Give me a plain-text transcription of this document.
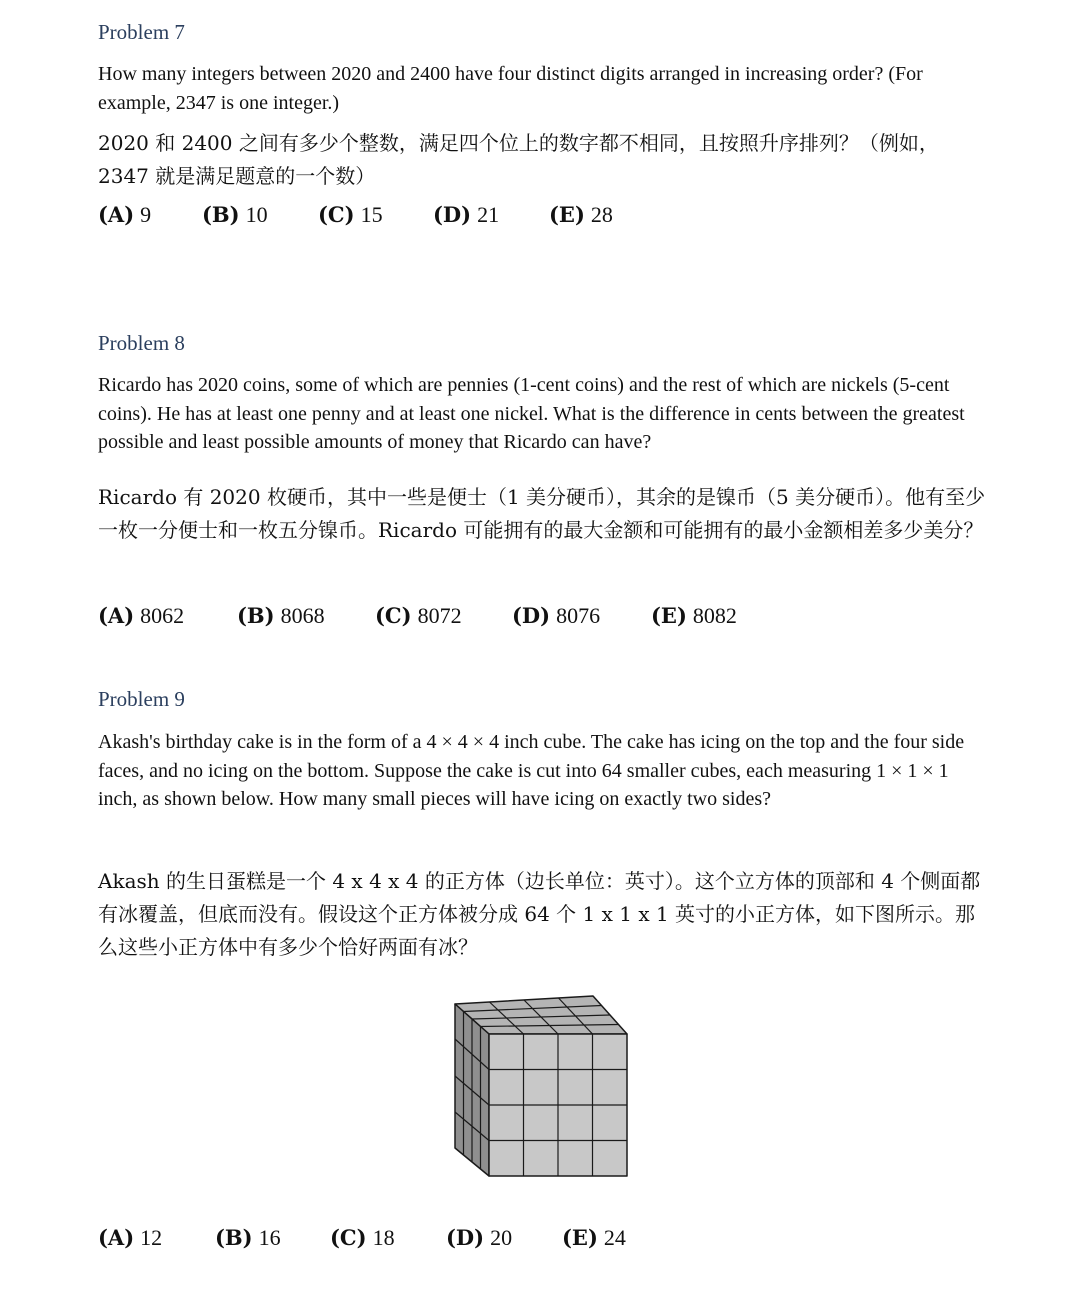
Problem 7

How many integers between 2020 and 2400 have four distinct digits arranged in increasing order? (For example, 2347 is one integer.)

2020 和 2400 之间有多少个整数，满足四个位上的数字都不相同，且按照升序排列？（例如，2347 就是满足题意的一个数）

(A) 9 (B) 10 (C) 15 (D) 21 (E) 28
Problem 8

Ricardo has 2020 coins, some of which are pennies (1-cent coins) and the rest of which are nickels (5-cent coins). He has at least one penny and at least one nickel. What is the difference in cents between the greatest possible and least possible amounts of money that Ricardo can have?

Ricardo 有 2020 枚硬币，其中一些是便士（1 美分硬币），其余的是镍币（5 美分硬币）。他有至少一枚一分便士和一枚五分镍币。Ricardo 可能拥有的最大金额和可能拥有的最小金额相差多少美分？

(A) 8062	(B) 8068 (C) 8072 (D) 8076 (E) 8082
Problem 9

Akash's birthday cake is in the form of a 4 × 4 × 4 inch cube. The cake has icing on the top and the four side faces, and no icing on the bottom. Suppose the cake is cut into 64 smaller cubes, each measuring 1 × 1 × 1 inch, as shown below. How many small pieces will have icing on exactly two sides?

Akash 的生日蛋糕是一个 4 x 4 x 4 的正方体（边长单位：英寸）。这个立方体的顶部和 4 个侧面都有冰覆盖，但底而没有。假设这个正方体被分成 64 个 1 x 1 x 1 英寸的小正方体，如下图所示。那么这些小正方体中有多少个恰好两面有冰？

(A) 12	(B) 16 (C) 18 (D) 20 (E) 24
